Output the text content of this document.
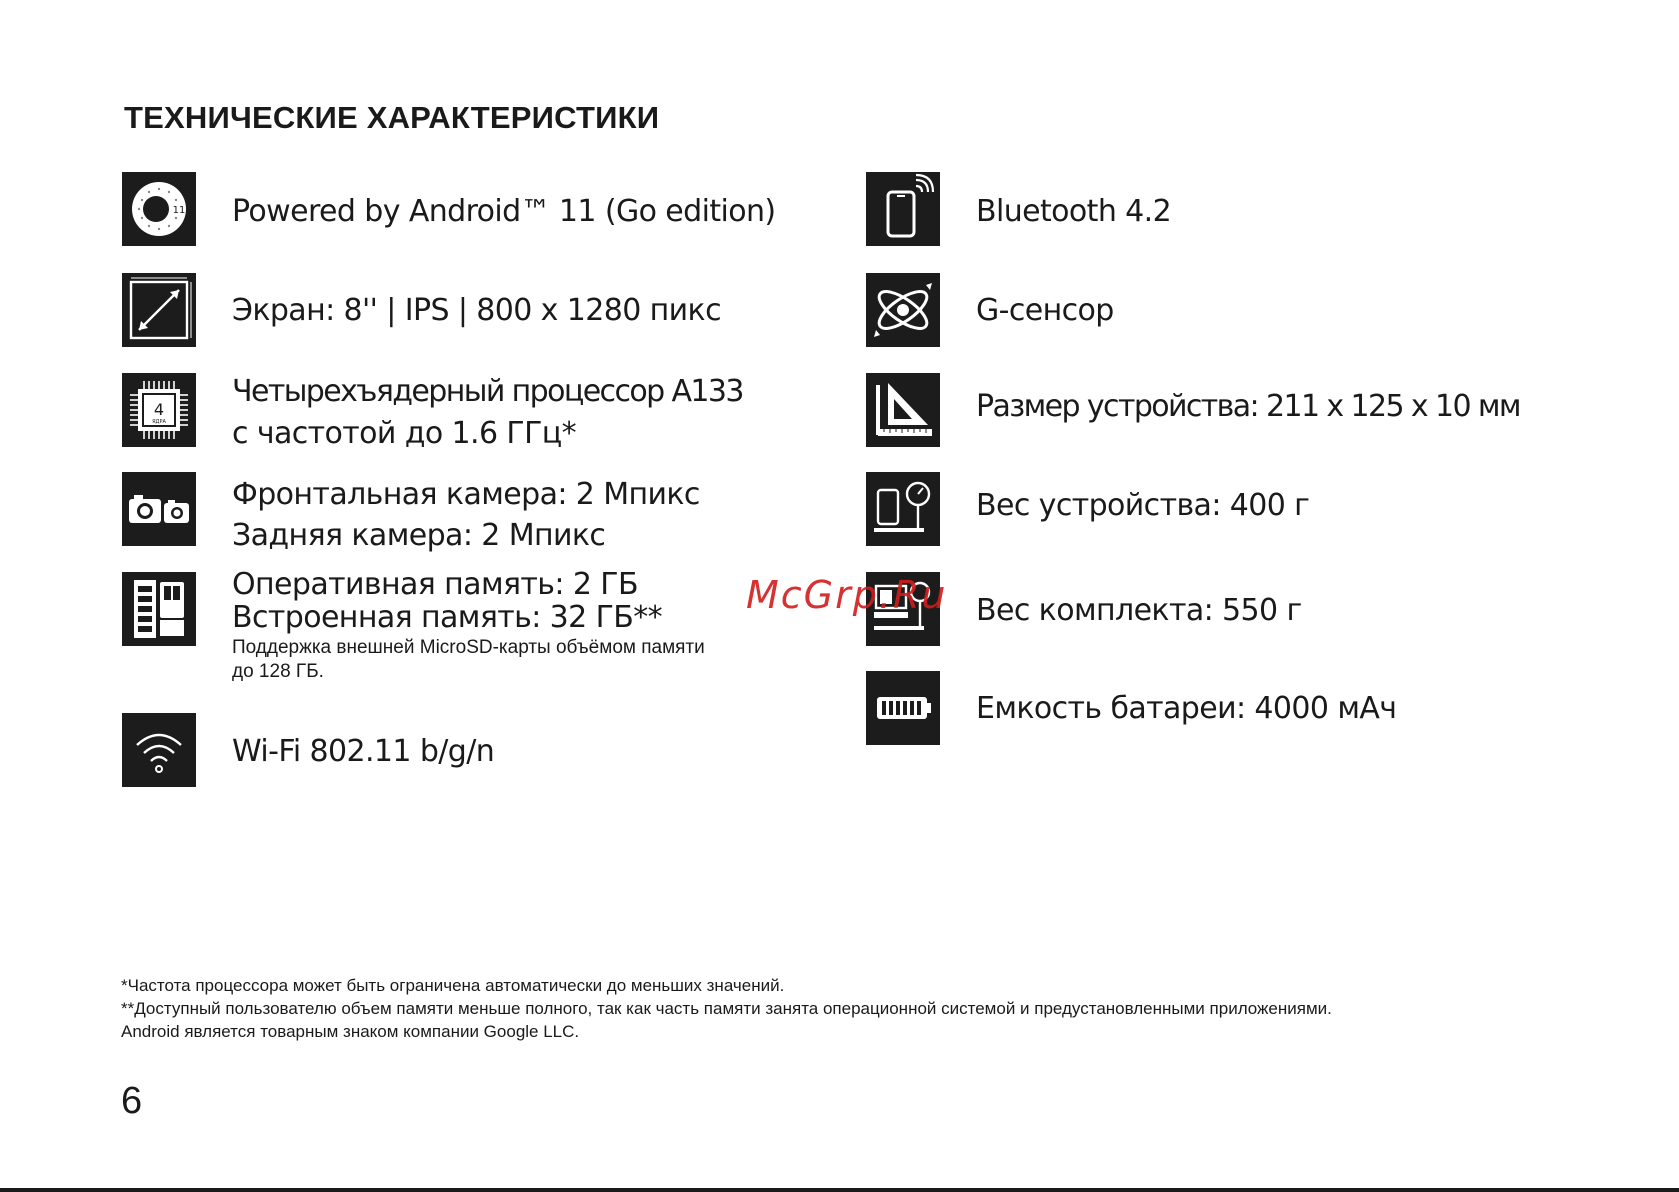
ТЕХНИЧЕСКИЕ ХАРАКТЕРИСТИКИ
11
4
ЯДРА
Powered by Android™ 11 (Go edition)
Экран: 8'' | IPS | 800 x 1280 пикс
Четырехъядерный процессор A133
с частотой до 1.6 ГГц*
Фронтальная камера: 2 Мпикс
Задняя камера: 2 Мпикс
Оперативная память: 2 ГБ
Встроенная память: 32 ГБ**
Поддержка внешней MicroSD-карты объёмом памяти
до 128 ГБ.
Wi-Fi 802.11 b/g/n
Bluetooth 4.2
G-сенсор
Размер устройства: 211 x 125 x 10 мм
Вес устройства: 400 г
Вес комплекта: 550 г
Емкость батареи: 4000 мАч
*Частота процессора может быть ограничена автоматически до меньших значений.
**Доступный пользователю объем памяти меньше полного, так как часть памяти занята операционной системой и предустановленными приложениями.
Android является товарным знаком компании Google LLC.
6
McGrp.Ru
